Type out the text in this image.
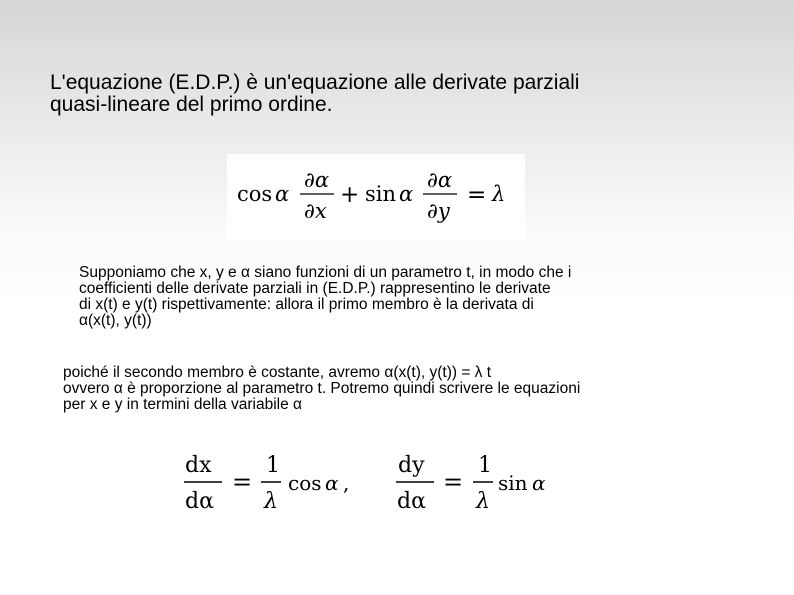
L'equazione (E.D.P.) è un'equazione alle derivate parziali
quasi-lineare del primo ordine.
cos α
∂α
∂x
+ sin α
∂α
∂y
= λ
Supponiamo che x, y e α siano funzioni di un parametro t, in modo che i
coefficienti delle derivate parziali in (E.D.P.) rappresentino le derivate
di x(t) e y(t) rispettivamente: allora il primo membro è la derivata di
α(x(t), y(t))
poiché il secondo membro è costante, avremo α(x(t), y(t)) = λ t
ovvero α è proporzione al parametro t. Potremo quindi scrivere le equazioni
per x e y in termini della variabile α
dx
dα
=
1
λ
cos α ,
dy
dα
=
1
λ
sin α
